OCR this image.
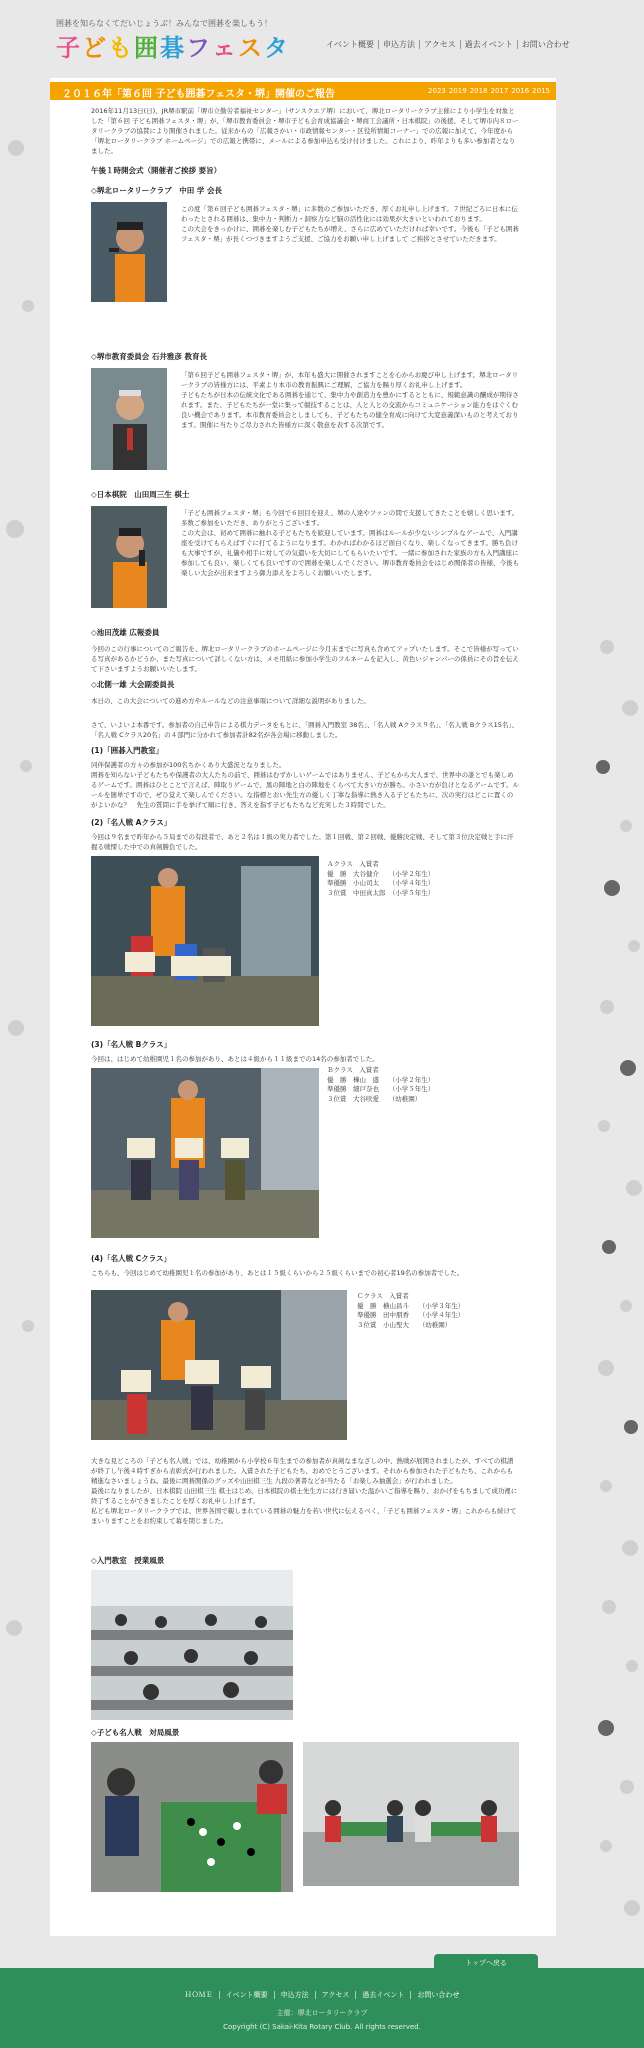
囲碁を知らなくてだいじょうぶ！みんなで囲碁を楽しもう！
子ども囲碁フェスタ	イベント概要 申込方法 アクセス 過去イベント お問い合わせ
２０１６年「第６回 子ども囲碁フェスタ・堺」開催のご報告	2023 2019 2018 2017 2016 2015

2016年11月13日(日)、JR堺市駅前「堺市立勤労者福祉センター」（サンスクエア堺）において、堺北ロータリークラブ主催により小学生を対象とした「第６回 子ども囲碁フェスタ・堺」が、「堺市教育委員会・堺市子ども会育成協議会・堺商工会議所・日本棋院」の後援、そして堺市内８ロータリークラブの協賛により開催されました。従来からの「広報さかい・市政情報センター・区役所情報コーナー」での広報に加えて、今年度から「堺北ロータリークラブ ホームページ」での広報と携帯に、メールによる参加申込も受け付けました。これにより、昨年よりも多い参加者となりました。

午後１時開会式（開催者ご挨拶 要旨）
◇堺北ロータリークラブ　中田 学 会長

この度「第６回子ども囲碁フェスタ・堺」に多数のご参加いただき、厚くお礼申し上げます。７世紀ごろに日本に伝わったとされる囲碁は、集中力・判断力・洞察力など脳の活性化には効果が大きいといわれております。
この大会をきっかけに、囲碁を楽しむ子どもたちが増え、さらに広めていただければ幸いです。今後も「子ども囲碁フェスタ・堺」が長くつづきますようご支援、ご協力をお願い申し上げまして ご挨拶とさせていただきます。

◇堺市教育委員会 石井雅彦 教育長

「第６回子ども囲碁フェスタ・堺」が、本年も盛大に開催されますことを心からお慶び申し上げます。堺北ロータリークラブの皆様方には、平素より本市の教育振興にご理解、ご協力を賜り厚くお礼申し上げます。
子どもたちが日本の伝統文化である囲碁を通じて、集中力や創造力を豊かにするとともに、規範意識の醸成が期待されます。また、子どもたちが一堂に集って競技することは、人と人との交流からコミュニケーション能力をはぐくむ良い機会であります。本市教育委員会としましても、子どもたちの健全育成に向けて大変意義深いものと考えております。開催に当たりご尽力された皆様方に深く敬意を表する次第です。

◇日本棋院　山田周三生 棋士

「子ども囲碁フェスタ・堺」も今回で６回目を迎え、堺の人達やファンの間で支援してきたことを嬉しく思います。多数ご参加をいただき、ありがとうございます。
この大会は、初めて囲碁に触れる子どもたちを歓迎しています。囲碁はルールが少ないシンプルなゲームで、入門講座を受けてもらえばすぐに打てるようになります。わかればわかるほど面白くなり、楽しくなってきます。勝ち負けも大事ですが、礼儀や相手に対しての気遣いを大切にしてもらいたいです。一緒に参加された家族の方も入門講座に参加しても良い、楽しくても良いですので囲碁を楽しんでください。堺市教育委員会をはじめ関係者の皆様、今後も楽しい大会が出来ますよう御力添えをよろしくお願いいたします。

◇池田茂雄 広報委員

今回のこの行事についてのご報告を、堺北ロータリークラブのホームページに今月末までに写真も含めてアップいたします。そこで皆様が写っている写真があるかどうか、また写真について詳しくない方は、メモ用紙に参加小学生のフルネームを記入し、黄色いジャンパーの係員にその旨を伝えて下さいますようお願いいたします。

◇北側一雄 大会副委員長

本日の、この大会についての進め方やルールなどの注意事項について詳細な説明がありました。

さて、いよいよ本番です。参加者の自己申告による棋力データをもとに、「囲碁入門教室 38名」、「名人戦 Aクラス９名」、「名人戦 Bクラス15名」、「名人戦 Cクラス20名」の４部門に分かれて参加者計82名が各会場に移動しました。

(1)「囲碁入門教室」

同伴保護者の方々の参加が100名ちかくあり大盛況となりました。
囲碁を知らない子どもたちや保護者の大人たちの前で、囲碁はむずかしいゲームではありません、子どもから大人まで、世界中の誰とでも楽しめるゲームです。囲碁はひとことで言えば、陣取りゲームで、黒の陣地と白の陣地をくらべて大きい方が勝ち。小さい方が負けとなるゲームです。ルールを簡単ですので、ぜひ覚えて楽しんでください。な指標とおい先生方の優しく丁寧な指導に熱き入る子どもたちに、次の実行はどこに置くのがよいかな？　先生の質問に手を挙げて順に行き、答えを指す子どもたちなど充実した３時間でした。

(2)「名人戦 Aクラス」

今回は９名まで昨年から５局までの有段者で、あと２名は１級の実力者でした。第１回戦、第２回戦、優勝決定戦、そして第３位決定戦と手に汗握る戦慄した中での真剣勝負でした。

Ａクラス　入賞者
優　勝　大谷健介　　（小学２年生）
準優勝　小山司太　　（小学４年生）
３位賞　中田真太郎　（小学５年生）
(3)「名人戦 Bクラス」

今回は、はじめて幼稚園児１名の参加があり、あとは４級から１１級までの14名の参加者でした。

Ｂクラス　入賞者
優　勝　樺山　盛　　（小学２年生）
準優勝　細戸奈也　　（小学５年生）
３位賞　大谷咲愛　　（幼稚園）
(4)「名人戦 Cクラス」

こちらも、今回はじめて幼稚園児１名の参加があり、あとは１５級くらいから２５級くらいまでの初心者19名の参加者でした。

Ｃクラス　入賞者
優　勝　横山昌斗　　（小学３年生）
準優勝　田中朋香　　（小学４年生）
３位賞　小山聖大　　（幼稚園）

大きな見どころの「子ども名人戦」では、幼稚園から小学校６年生までの参加者が真剣なまなざしの中、熱戦が展開されましたが、すべての棋譜が終了し午後４時すぎから表彰式が行われました。入賞された子どもたち、おめでとうございます。それから参加された子どもたち、これからも精進なさいましょうね。最後に囲碁関係のグッズや山田棋三生 九段の著書などが当たる「お楽しみ抽選会」が行われました。
最後になりましたが、日本棋院 山田棋三生 棋士はじめ、日本棋院の棋士先生方には行き届いた温かいご指導を賜り、おかげをもちまして成功裡に終了することができましたことを厚くお礼申し上げます。
私ども堺北ロータリークラブでは、世界各国で親しまれている囲碁の魅力を若い世代に伝えるべく、「子ども囲碁フェスタ・堺」これからも続けてまいりますことをお約束して幕を閉じました。

◇入門教室　授業風景
◇子ども名人戦　対局風景
トップへ戻る
ＨＯＭＥ イベント概要 申込方法 アクセス 過去イベント お問い合わせ
主催：堺北ロータリークラブ
Copyright (C) Sakai-Kita Rotary Club. All rights reserved.
